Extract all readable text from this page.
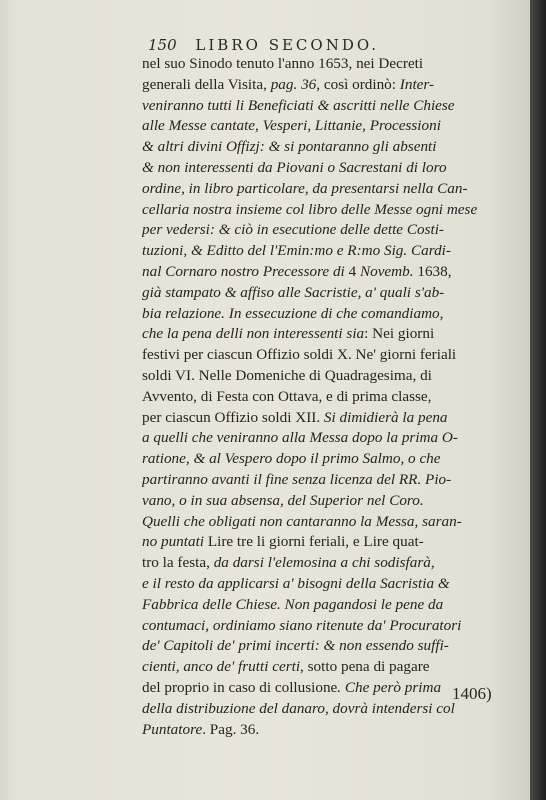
150 LIBRO SECONDO.
nel suo Sinodo tenuto l'anno 1653, nei Decreti
generali della Visita, pag. 36, così ordinò: Inter-
veniranno tutti li Beneficiati & ascritti nelle Chiese
alle Messe cantate, Vesperi, Littanie, Processioni
& altri divini Offizj: & si pontaranno gli absenti
& non interessenti da Piovani o Sacrestani di loro
ordine, in libro particolare, da presentarsi nella Can-
cellaria nostra insieme col libro delle Messe ogni mese
per vedersi: & ciò in esecutione delle dette Costi-
tuzioni, & Editto del l'Emin:mo e R:mo Sig. Cardi-
nal Cornaro nostro Precessore di 4 Novemb. 1638,
già stampato & affiso alle Sacristie, a' quali s'ab-
bia relazione. In essecuzione di che comandiamo,
che la pena delli non interessenti sia: Nei giorni
festivi per ciascun Offizio soldi X. Ne' giorni feriali
soldi VI. Nelle Domeniche di Quadragesima, di
Avvento, di Festa con Ottava, e di prima classe,
per ciascun Offizio soldi XII. Si dimidierà la pena
a quelli che veniranno alla Messa dopo la prima O-
ratione, & al Vespero dopo il primo Salmo, o che
partiranno avanti il fine senza licenza del RR. Pio-
vano, o in sua absensa, del Superior nel Coro.
Quelli che obligati non cantaranno la Messa, saran-
no puntati Lire tre li giorni feriali, e Lire quat-
tro la festa, da darsi l'elemosina a chi sodisfarà,
e il resto da applicarsi a' bisogni della Sacristia &
Fabbrica delle Chiese. Non pagandosi le pene da
contumaci, ordiniamo siano ritenute da' Procuratori
de' Capitoli de' primi incerti: & non essendo suffi-
cienti, anco de' frutti certi, sotto pena di pagare
del proprio in caso di collusione. Che però prima
della distribuzione del danaro, dovrà intendersi col
Puntatore. Pag. 36.
1406)
